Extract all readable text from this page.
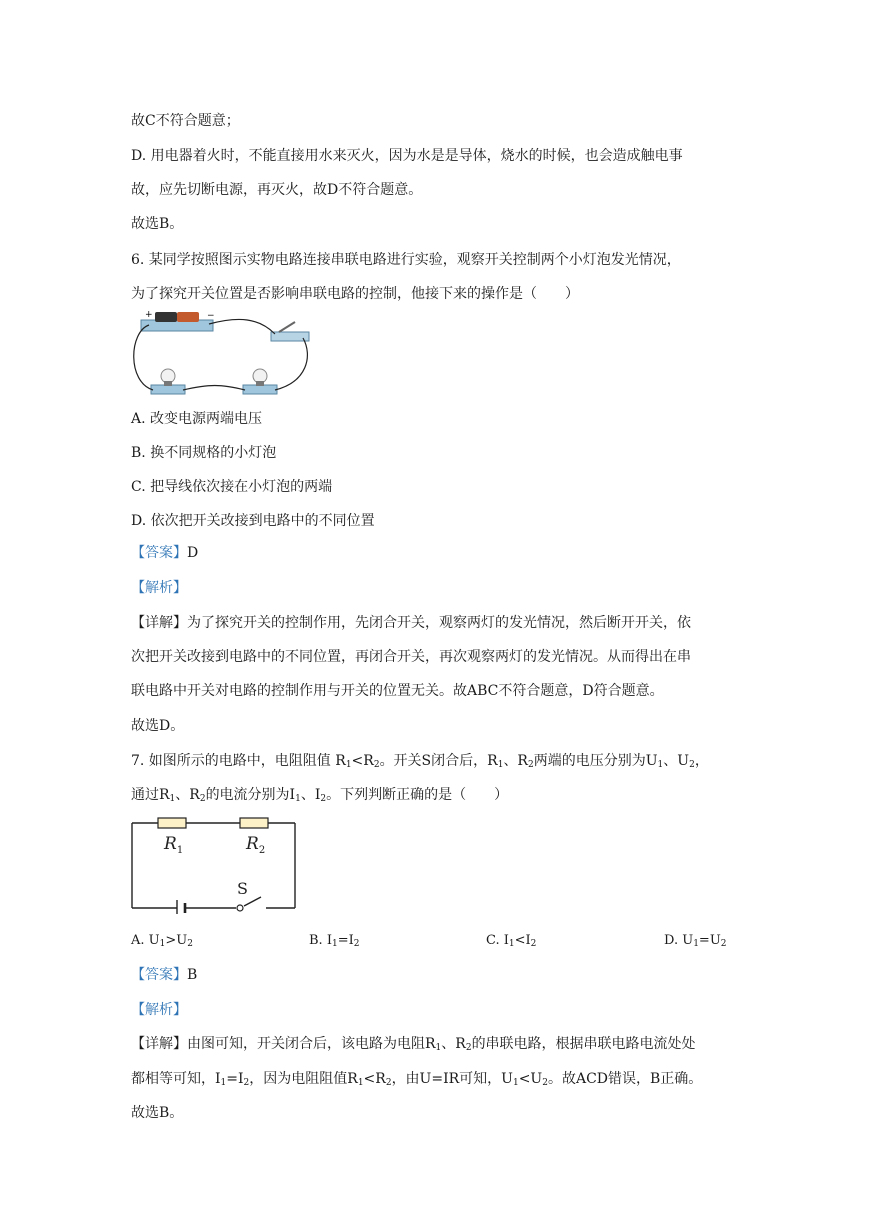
故C不符合题意；
D. 用电器着火时，不能直接用水来灭火，因为水是是导体，烧水的时候，也会造成触电事
故，应先切断电源，再灭火，故D不符合题意。
故选B。
6. 某同学按照图示实物电路连接串联电路进行实验，观察开关控制两个小灯泡发光情况，
为了探究开关位置是否影响串联电路的控制，他接下来的操作是（　　）
+	−
A. 改变电源两端电压
B. 换不同规格的小灯泡
C. 把导线依次接在小灯泡的两端
D. 依次把开关改接到电路中的不同位置
【答案】D
【解析】
【详解】为了探究开关的控制作用，先闭合开关，观察两灯的发光情况，然后断开开关，依
次把开关改接到电路中的不同位置，再闭合开关，再次观察两灯的发光情况。从而得出在串
联电路中开关对电路的控制作用与开关的位置无关。故ABC不符合题意，D符合题意。
故选D。
7. 如图所示的电路中，电阻阻值 $R_1<R_2$。开关S闭合后，$R_1$、$R_2$两端的电压分别为$U_1$、$U_2$，
通过$R_1$、$R_2$的电流分别为$I_1$、$I_2$。下列判断正确的是（　　）
$R_1$	$R_2$
S
A. $U_1>U_2$	B. $I_1=I_2$	C. $I_1<I_2$	D. $U_1=U_2$
【答案】B
【解析】
【详解】由图可知，开关闭合后，该电路为电阻$R_1$、$R_2$的串联电路，根据串联电路电流处处
都相等可知，$I_1=I_2$，因为电阻阻值$R_1<R_2$，由U=IR可知，$U_1<U_2$。故ACD错误，B正确。
故选B。
